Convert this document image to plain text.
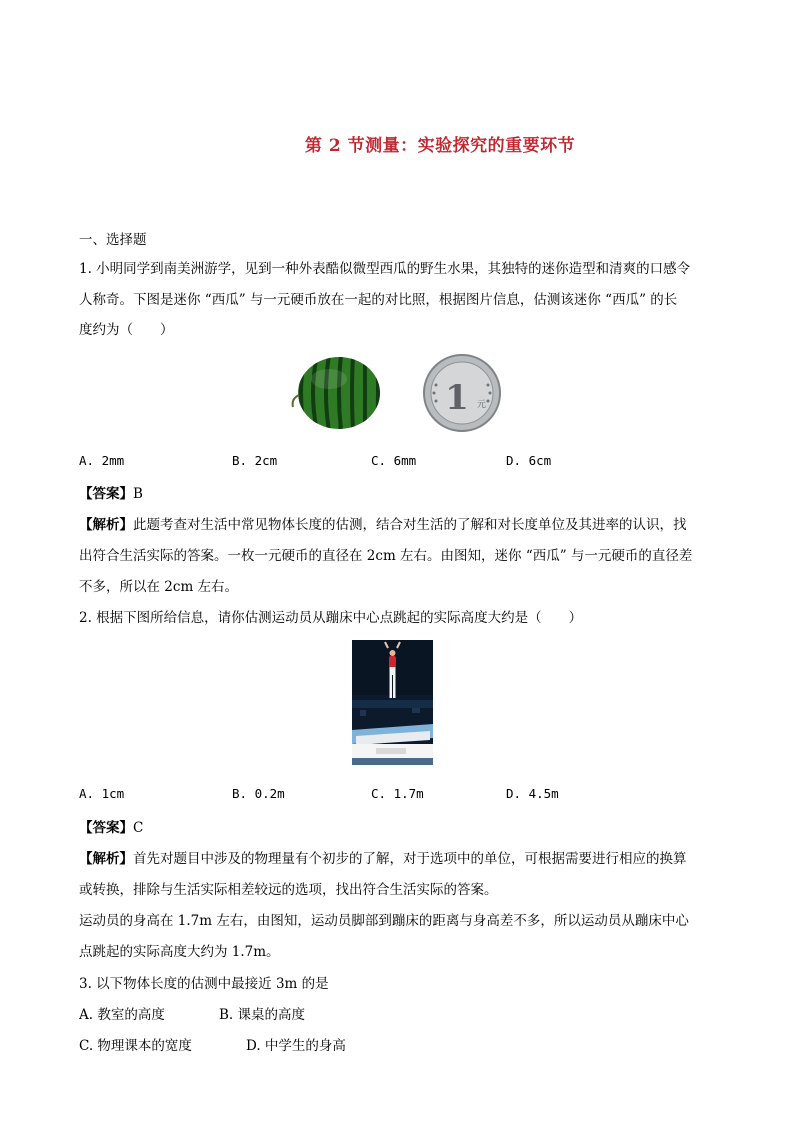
第 2 节测量：实验探究的重要环节
一、选择题
1. 小明同学到南美洲游学，见到一种外表酷似微型西瓜的野生水果，其独特的迷你造型和清爽的口感令
人称奇。下图是迷你 “西瓜” 与一元硬币放在一起的对比照，根据图片信息，估测该迷你 “西瓜” 的长
度约为（　　）
1 元
A. 2mm	B. 2cm	C. 6mm	D. 6cm
【答案】B
【解析】此题考查对生活中常见物体长度的估测，结合对生活的了解和对长度单位及其进率的认识，找
出符合生活实际的答案。一枚一元硬币的直径在 2cm 左右。由图知，迷你 “西瓜” 与一元硬币的直径差
不多，所以在 2cm 左右。
2. 根据下图所给信息，请你估测运动员从蹦床中心点跳起的实际高度大约是（　　）
A. 1cm	B. 0.2m	C. 1.7m	D. 4.5m
【答案】C
【解析】首先对题目中涉及的物理量有个初步的了解，对于选项中的单位，可根据需要进行相应的换算
或转换，排除与生活实际相差较远的选项，找出符合生活实际的答案。
运动员的身高在 1.7m 左右，由图知，运动员脚部到蹦床的距离与身高差不多，所以运动员从蹦床中心
点跳起的实际高度大约为 1.7m。
3. 以下物体长度的估测中最接近 3m 的是
A. 教室的高度	B. 课桌的高度
C. 物理课本的宽度	D. 中学生的身高
